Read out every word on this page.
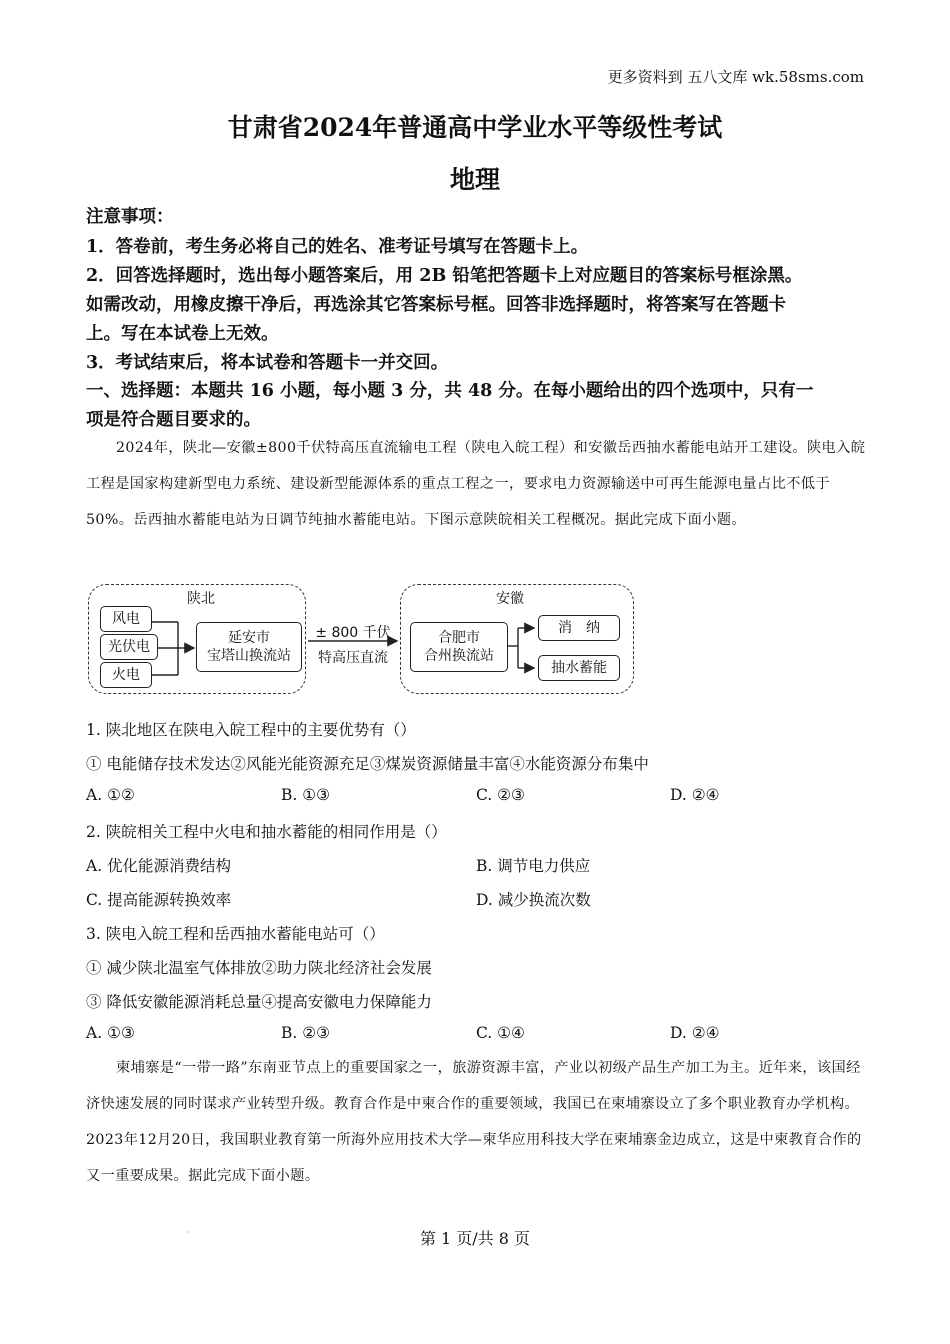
更多资料到 五八文库 wk.58sms.com
甘肃省2024年普通高中学业水平等级性考试
地理
注意事项：
1．答卷前，考生务必将自己的姓名、准考证号填写在答题卡上。
2．回答选择题时，选出每小题答案后，用 2B 铅笔把答题卡上对应题目的答案标号框涂黑。
如需改动，用橡皮擦干净后，再选涂其它答案标号框。回答非选择题时，将答案写在答题卡
上。写在本试卷上无效。
3．考试结束后，将本试卷和答题卡一并交回。
一、选择题：本题共 16 小题，每小题 3 分，共 48 分。在每小题给出的四个选项中，只有一
项是符合题目要求的。
2024年，陕北—安徽±800千伏特高压直流输电工程（陕电入皖工程）和安徽岳西抽水蓄能电站开工建设。陕电入皖工程是国家构建新型电力系统、建设新型能源体系的重点工程之一，要求电力资源输送中可再生能源电量占比不低于50%。岳西抽水蓄能电站为日调节纯抽水蓄能电站。下图示意陕皖相关工程概况。据此完成下面小题。
陕北
风电
光伏电
火电
延安市
宝塔山换流站
± 800 千伏
特高压直流
安徽
合肥市
合州换流站
消　纳
抽水蓄能
1. 陕北地区在陕电入皖工程中的主要优势有（）
① 电能储存技术发达②风能光能资源充足③煤炭资源储量丰富④水能资源分布集中
A. ①②	B. ①③	C. ②③	D. ②④
2. 陕皖相关工程中火电和抽水蓄能的相同作用是（）
A. 优化能源消费结构	B. 调节电力供应
C. 提高能源转换效率	D. 减少换流次数
3. 陕电入皖工程和岳西抽水蓄能电站可（）
① 减少陕北温室气体排放②助力陕北经济社会发展
③ 降低安徽能源消耗总量④提高安徽电力保障能力
A. ①③	B. ②③	C. ①④	D. ②④
柬埔寨是“一带一路”东南亚节点上的重要国家之一，旅游资源丰富，产业以初级产品生产加工为主。近年来，该国经济快速发展的同时谋求产业转型升级。教育合作是中柬合作的重要领域，我国已在柬埔寨设立了多个职业教育办学机构。2023年12月20日，我国职业教育第一所海外应用技术大学—柬华应用科技大学在柬埔寨金边成立，这是中柬教育合作的又一重要成果。据此完成下面小题。
·	第 1 页/共 8 页
